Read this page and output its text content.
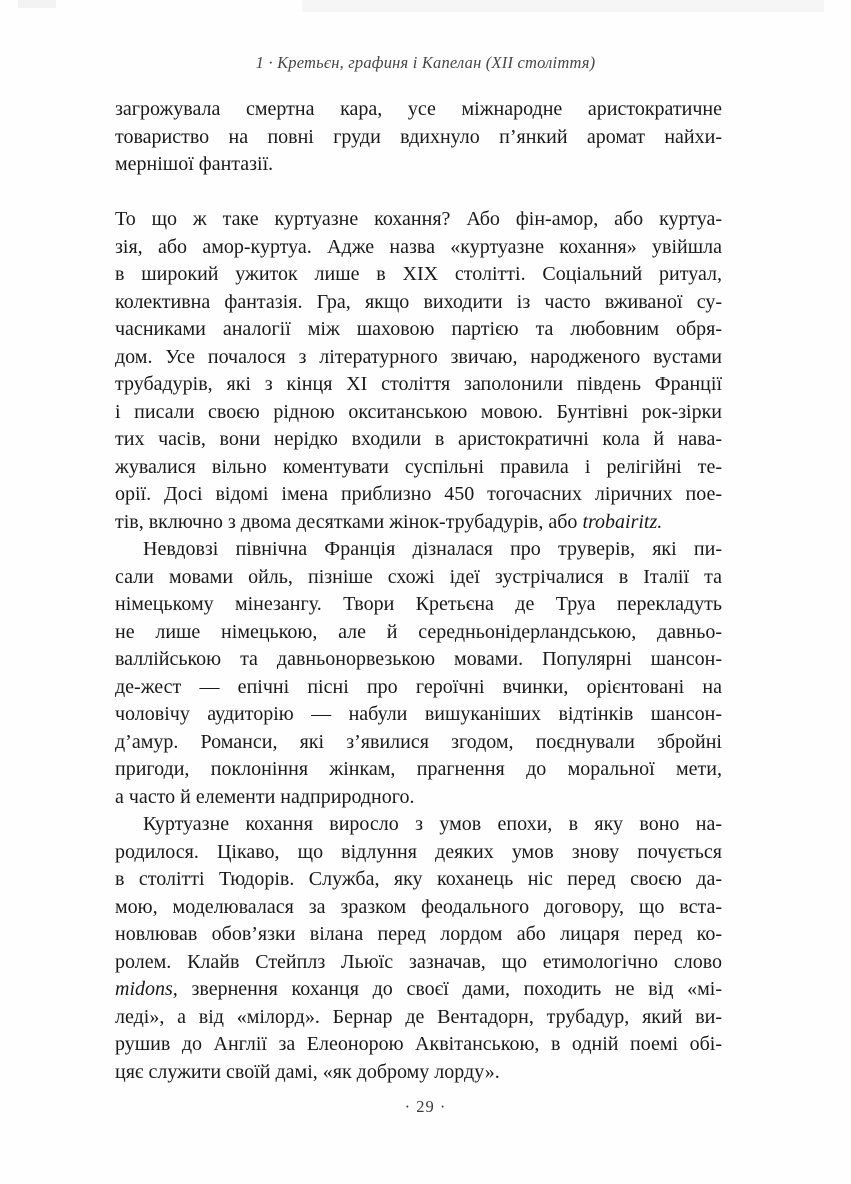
1 · Кретьєн, графиня і Капелан (XII століття)
загрожувала смертна кара, усе міжнародне аристократичне
товариство на повні груди вдихнуло п’янкий аромат найхи-
мернішої фантазії.
То що ж таке куртуазне кохання? Або фін-амор, або куртуа-
зія, або амор-куртуа. Адже назва «куртуазне кохання» увійшла
в широкий ужиток лише в XIX столітті. Соціальний ритуал,
колективна фантазія. Гра, якщо виходити із часто вживаної су-
часниками аналогії між шаховою партією та любовним обря-
дом. Усе почалося з літературного звичаю, народженого вустами
трубадурів, які з кінця XI століття заполонили південь Франції
і писали своєю рідною окситанською мовою. Бунтівні рок-зірки
тих часів, вони нерідко входили в аристократичні кола й нава-
жувалися вільно коментувати суспільні правила і релігійні те-
орії. Досі відомі імена приблизно 450 тогочасних ліричних пое-
тів, включно з двома десятками жінок-трубадурів, або trobairitz.
Невдовзі північна Франція дізналася про труверів, які пи-
сали мовами ойль, пізніше схожі ідеї зустрічалися в Італії та
німецькому мінезангу. Твори Кретьєна де Труа перекладуть
не лише німецькою, але й середньонідерландською, давньо-
валлійською та давньонорвезькою мовами. Популярні шансон-
де-жест — епічні пісні про героїчні вчинки, орієнтовані на
чоловічу аудиторію — набули вишуканіших відтінків шансон-
д’амур. Романси, які з’явилися згодом, поєднували збройні
пригоди, поклоніння жінкам, прагнення до моральної мети,
а часто й елементи надприродного.
Куртуазне кохання виросло з умов епохи, в яку воно на-
родилося. Цікаво, що відлуння деяких умов знову почується
в столітті Тюдорів. Служба, яку коханець ніс перед своєю да-
мою, моделювалася за зразком феодального договору, що вста-
новлював обов’язки вілана перед лордом або лицаря перед ко-
ролем. Клайв Стейплз Льюїс зазначав, що етимологічно слово
midons, звернення коханця до своєї дами, походить не від «мі-
леді», а від «мілорд». Бернар де Вентадорн, трубадур, який ви-
рушив до Англії за Елеонорою Аквітанською, в одній поемі обі-
цяє служити своїй дамі, «як доброму лорду».
· 29 ·
